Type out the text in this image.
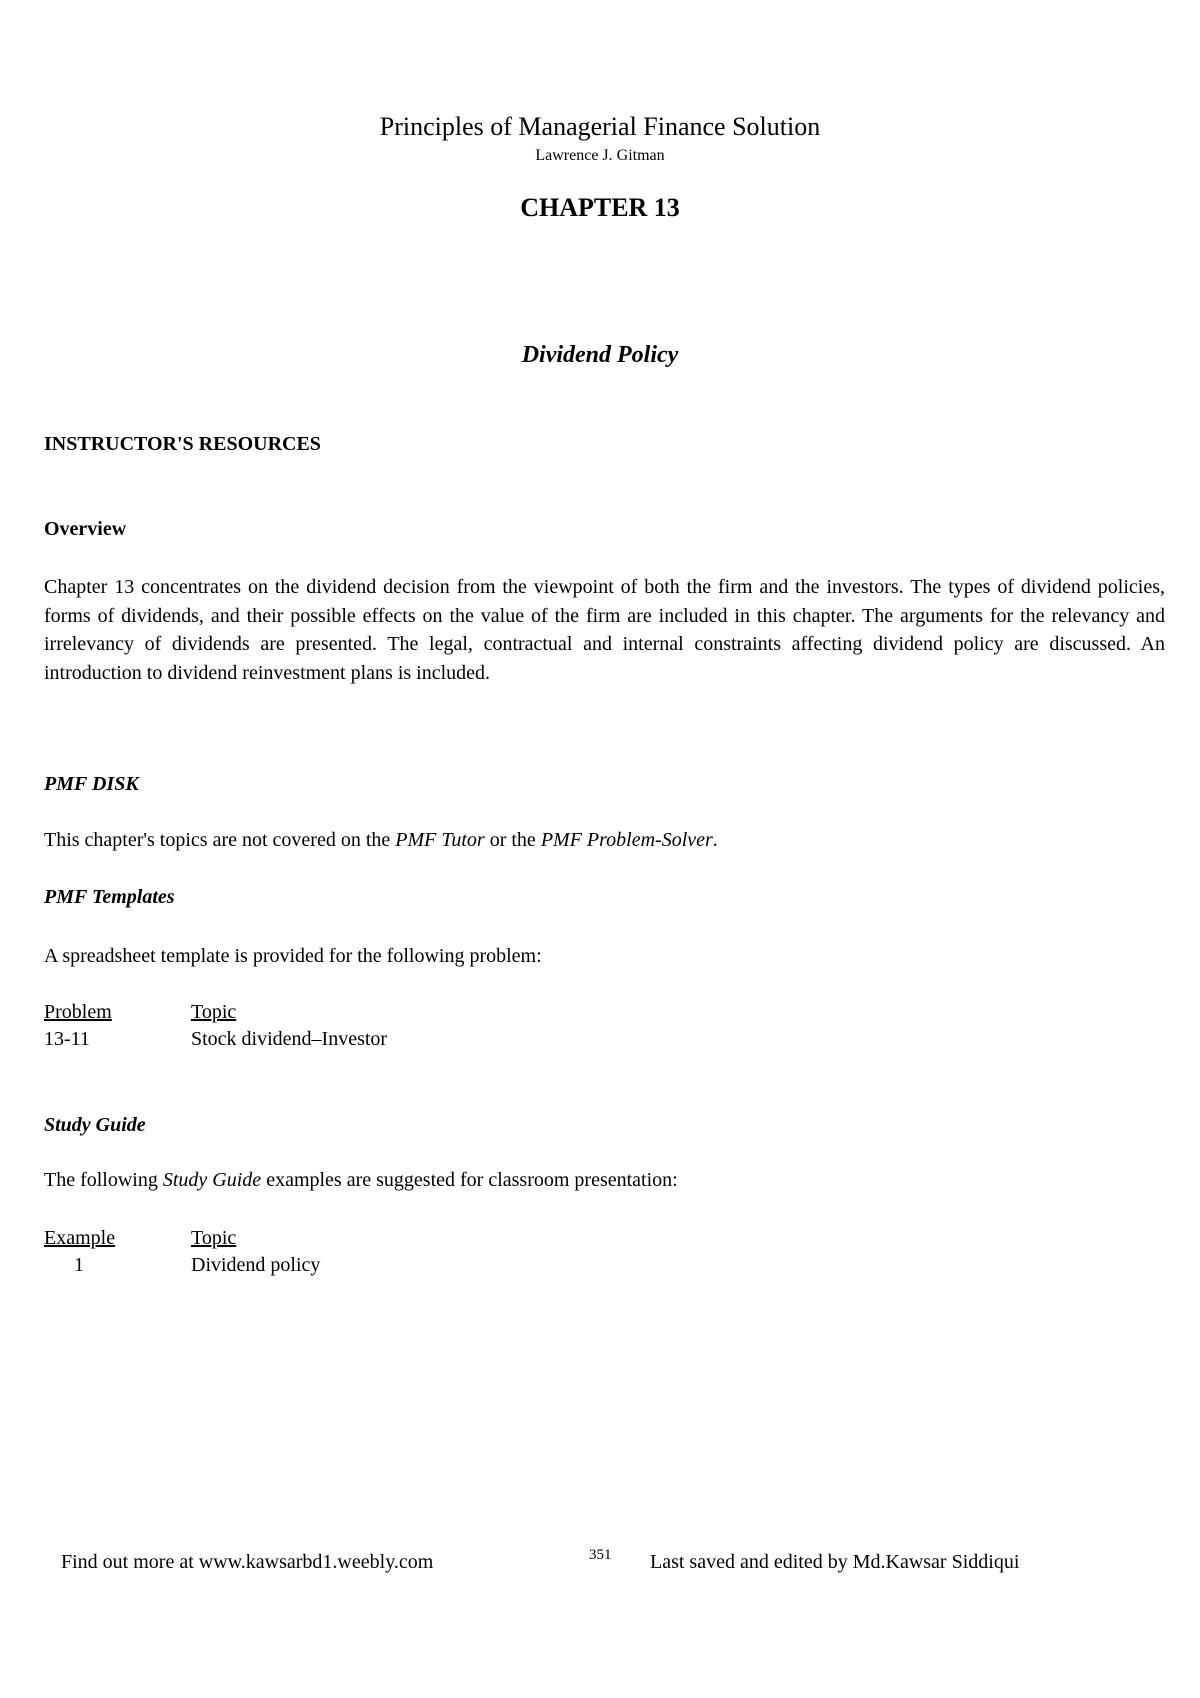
Principles of Managerial Finance Solution
Lawrence J. Gitman
CHAPTER 13
Dividend Policy
INSTRUCTOR'S RESOURCES
Overview
Chapter 13 concentrates on the dividend decision from the viewpoint of both the firm and the investors. The types of dividend policies, forms of dividends, and their possible effects on the value of the firm are included in this chapter. The arguments for the relevancy and irrelevancy of dividends are presented. The legal, contractual and internal constraints affecting dividend policy are discussed. An introduction to dividend reinvestment plans is included.
PMF DISK
This chapter's topics are not covered on the PMF Tutor or the PMF Problem-Solver.
PMF Templates
A spreadsheet template is provided for the following problem:
Problem	Topic
13-11	Stock dividend–Investor
Study Guide
The following Study Guide examples are suggested for classroom presentation:
Example	Topic
1	Dividend policy
Find out more at www.kawsarbd1.weebly.com	351 Last saved and edited by Md.Kawsar Siddiqui
